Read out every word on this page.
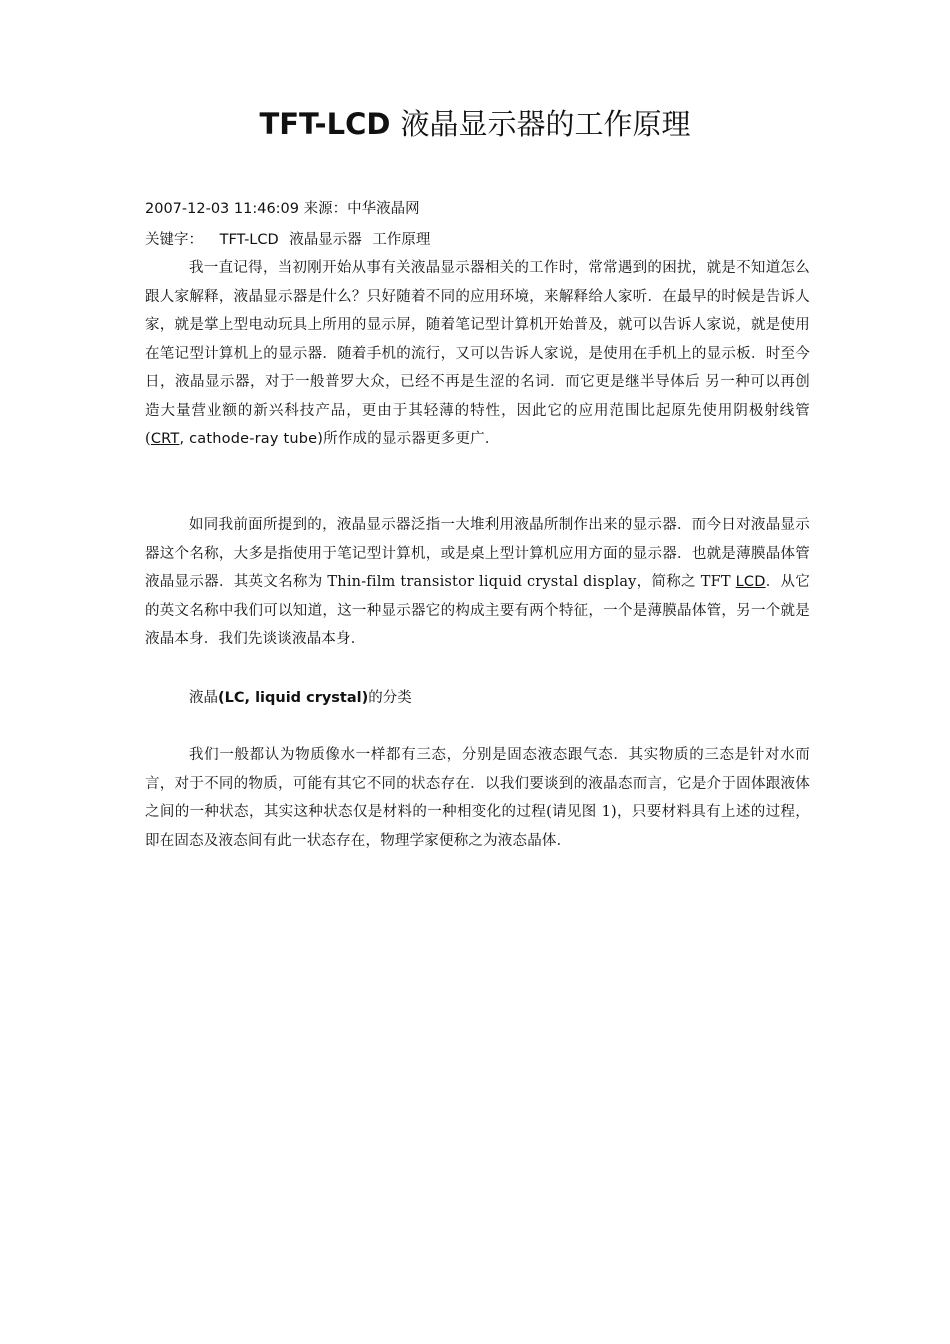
TFT-LCD 液晶显示器的工作原理
2007-12-03 11:46:09 来源：中华液晶网
关键字： TFT-LCD 液晶显示器 工作原理

我一直记得，当初刚开始从事有关液晶显示器相关的工作时，常常遇到的困扰，就是不知道怎么跟人家解释，液晶显示器是什么？只好随着不同的应用环境，来解释给人家听．在最早的时候是告诉人家，就是掌上型电动玩具上所用的显示屏，随着笔记型计算机开始普及，就可以告诉人家说，就是使用在笔记型计算机上的显示器．随着手机的流行，又可以告诉人家说，是使用在手机上的显示板．时至今日，液晶显示器，对于一般普罗大众，已经不再是生涩的名词．而它更是继半导体后 另一种可以再创造大量营业额的新兴科技产品，更由于其轻薄的特性，因此它的应用范围比起原先使用阴极射线管(CRT, cathode-ray tube)所作成的显示器更多更广．

如同我前面所提到的，液晶显示器泛指一大堆利用液晶所制作出来的显示器．而今日对液晶显示器这个名称，大多是指使用于笔记型计算机，或是桌上型计算机应用方面的显示器．也就是薄膜晶体管液晶显示器．其英文名称为 Thin-film transistor liquid crystal display，简称之 TFT LCD．从它的英文名称中我们可以知道，这一种显示器它的构成主要有两个特征，一个是薄膜晶体管，另一个就是液晶本身．我们先谈谈液晶本身．

液晶(LC, liquid crystal)的分类

我们一般都认为物质像水一样都有三态，分别是固态液态跟气态．其实物质的三态是针对水而言，对于不同的物质，可能有其它不同的状态存在．以我们要谈到的液晶态而言，它是介于固体跟液体之间的一种状态，其实这种状态仅是材料的一种相变化的过程(请见图 1)，只要材料具有上述的过程，即在固态及液态间有此一状态存在，物理学家便称之为液态晶体．
